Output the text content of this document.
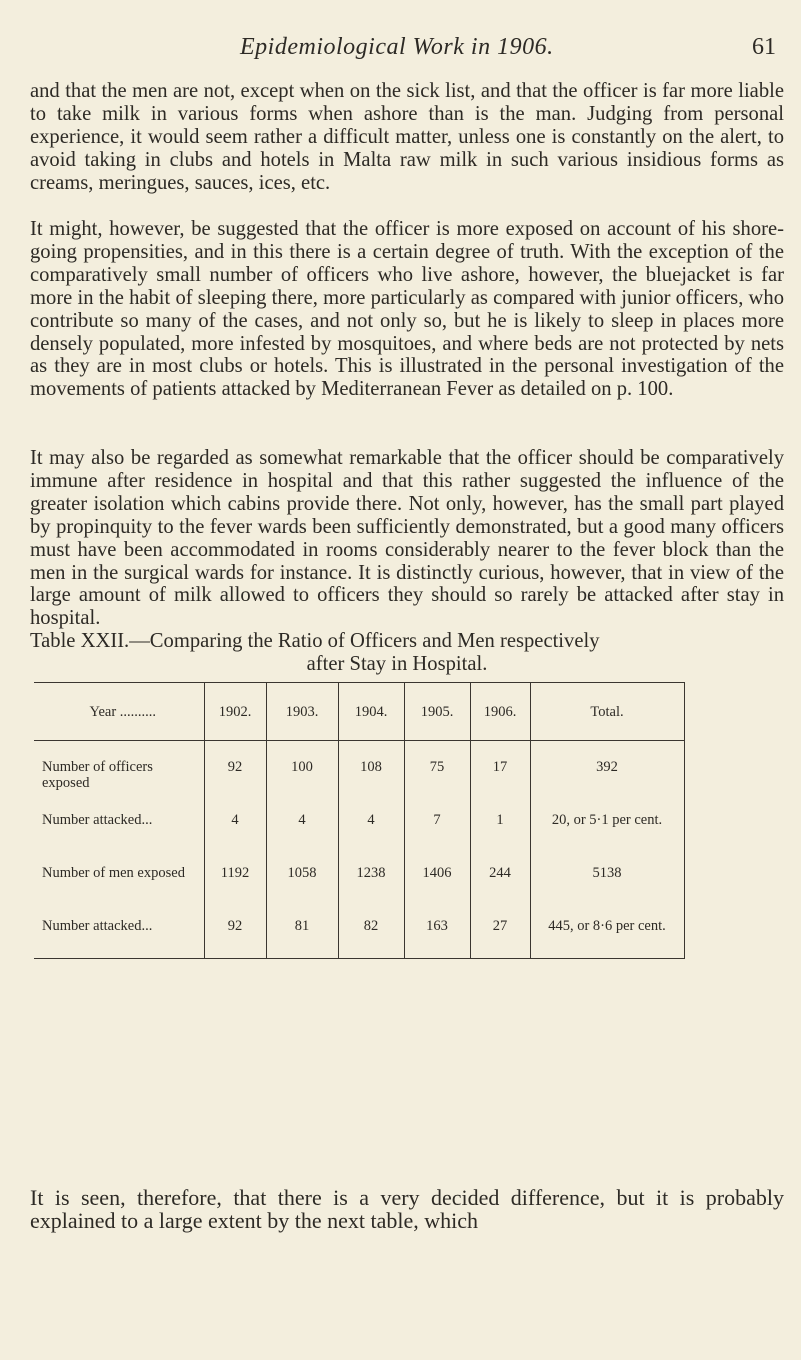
Epidemiological Work in 1906.	61

and that the men are not, except when on the sick list, and that the officer is far more liable to take milk in various forms when ashore than is the man. Judging from personal experience, it would seem rather a difficult matter, unless one is constantly on the alert, to avoid taking in clubs and hotels in Malta raw milk in such various insidious forms as creams, meringues, sauces, ices, etc.

It might, however, be suggested that the officer is more exposed on account of his shore-going propensities, and in this there is a certain degree of truth. With the exception of the comparatively small number of officers who live ashore, however, the bluejacket is far more in the habit of sleeping there, more particularly as compared with junior officers, who contribute so many of the cases, and not only so, but he is likely to sleep in places more densely populated, more infested by mosquitoes, and where beds are not protected by nets as they are in most clubs or hotels. This is illustrated in the personal investigation of the movements of patients attacked by Mediterranean Fever as detailed on p. 100.

It may also be regarded as somewhat remarkable that the officer should be comparatively immune after residence in hospital and that this rather suggested the influence of the greater isolation which cabins provide there. Not only, however, has the small part played by propinquity to the fever wards been sufficiently demonstrated, but a good many officers must have been accommodated in rooms considerably nearer to the fever block than the men in the surgical wards for instance. It is distinctly curious, however, that in view of the large amount of milk allowed to officers they should so rarely be attacked after stay in hospital.

Table XXII.—Comparing the Ratio of Officers and Men respectively
after Stay in Hospital.
Year ..........	1902.	1903.	1904.	1905.	1906.	Total.
Number of officers exposed	92	100	108	75	17	392
Number attacked...	4	4	4	7	1	20, or 5·1 per cent.
Number of men exposed	1192	1058	1238	1406	244	5138
Number attacked...	92	81	82	163	27	445, or 8·6 per cent.

It is seen, therefore, that there is a very decided difference, but it is probably explained to a large extent by the next table, which
